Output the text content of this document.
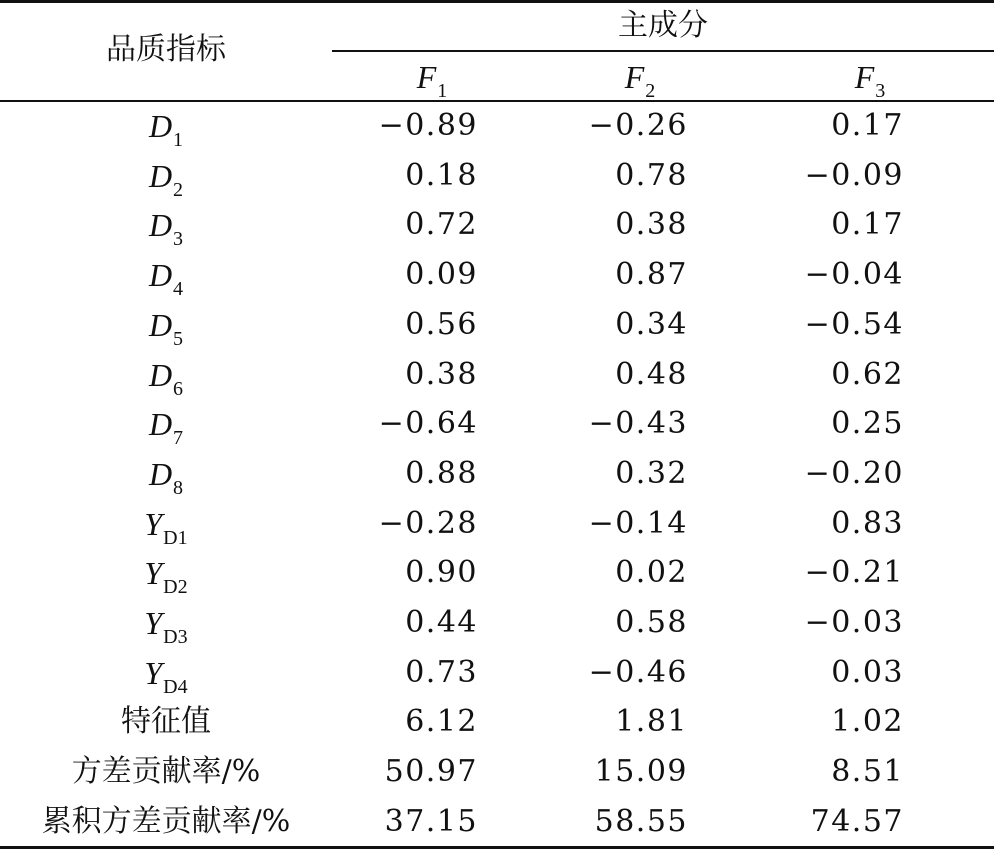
品质指标
主成分
$F_1$	$F_2$	$F_3$
$D_1$	−0.89	−0.26	0.17
$D_2$	0.18	0.78	−0.09
$D_3$	0.72	0.38	0.17
$D_4$	0.09	0.87	−0.04
$D_5$	0.56	0.34	−0.54
$D_6$	0.38	0.48	0.62
$D_7$	−0.64	−0.43	0.25
$D_8$	0.88	0.32	−0.20
$Y_{D1}$	−0.28	−0.14	0.83
$Y_{D2}$	0.90	0.02	−0.21
$Y_{D3}$	0.44	0.58	−0.03
$Y_{D4}$	0.73	−0.46	0.03
特征值	6.12	1.81	1.02
方差贡献率/%	50.97	15.09	8.51
累积方差贡献率/%	37.15	58.55	74.57
